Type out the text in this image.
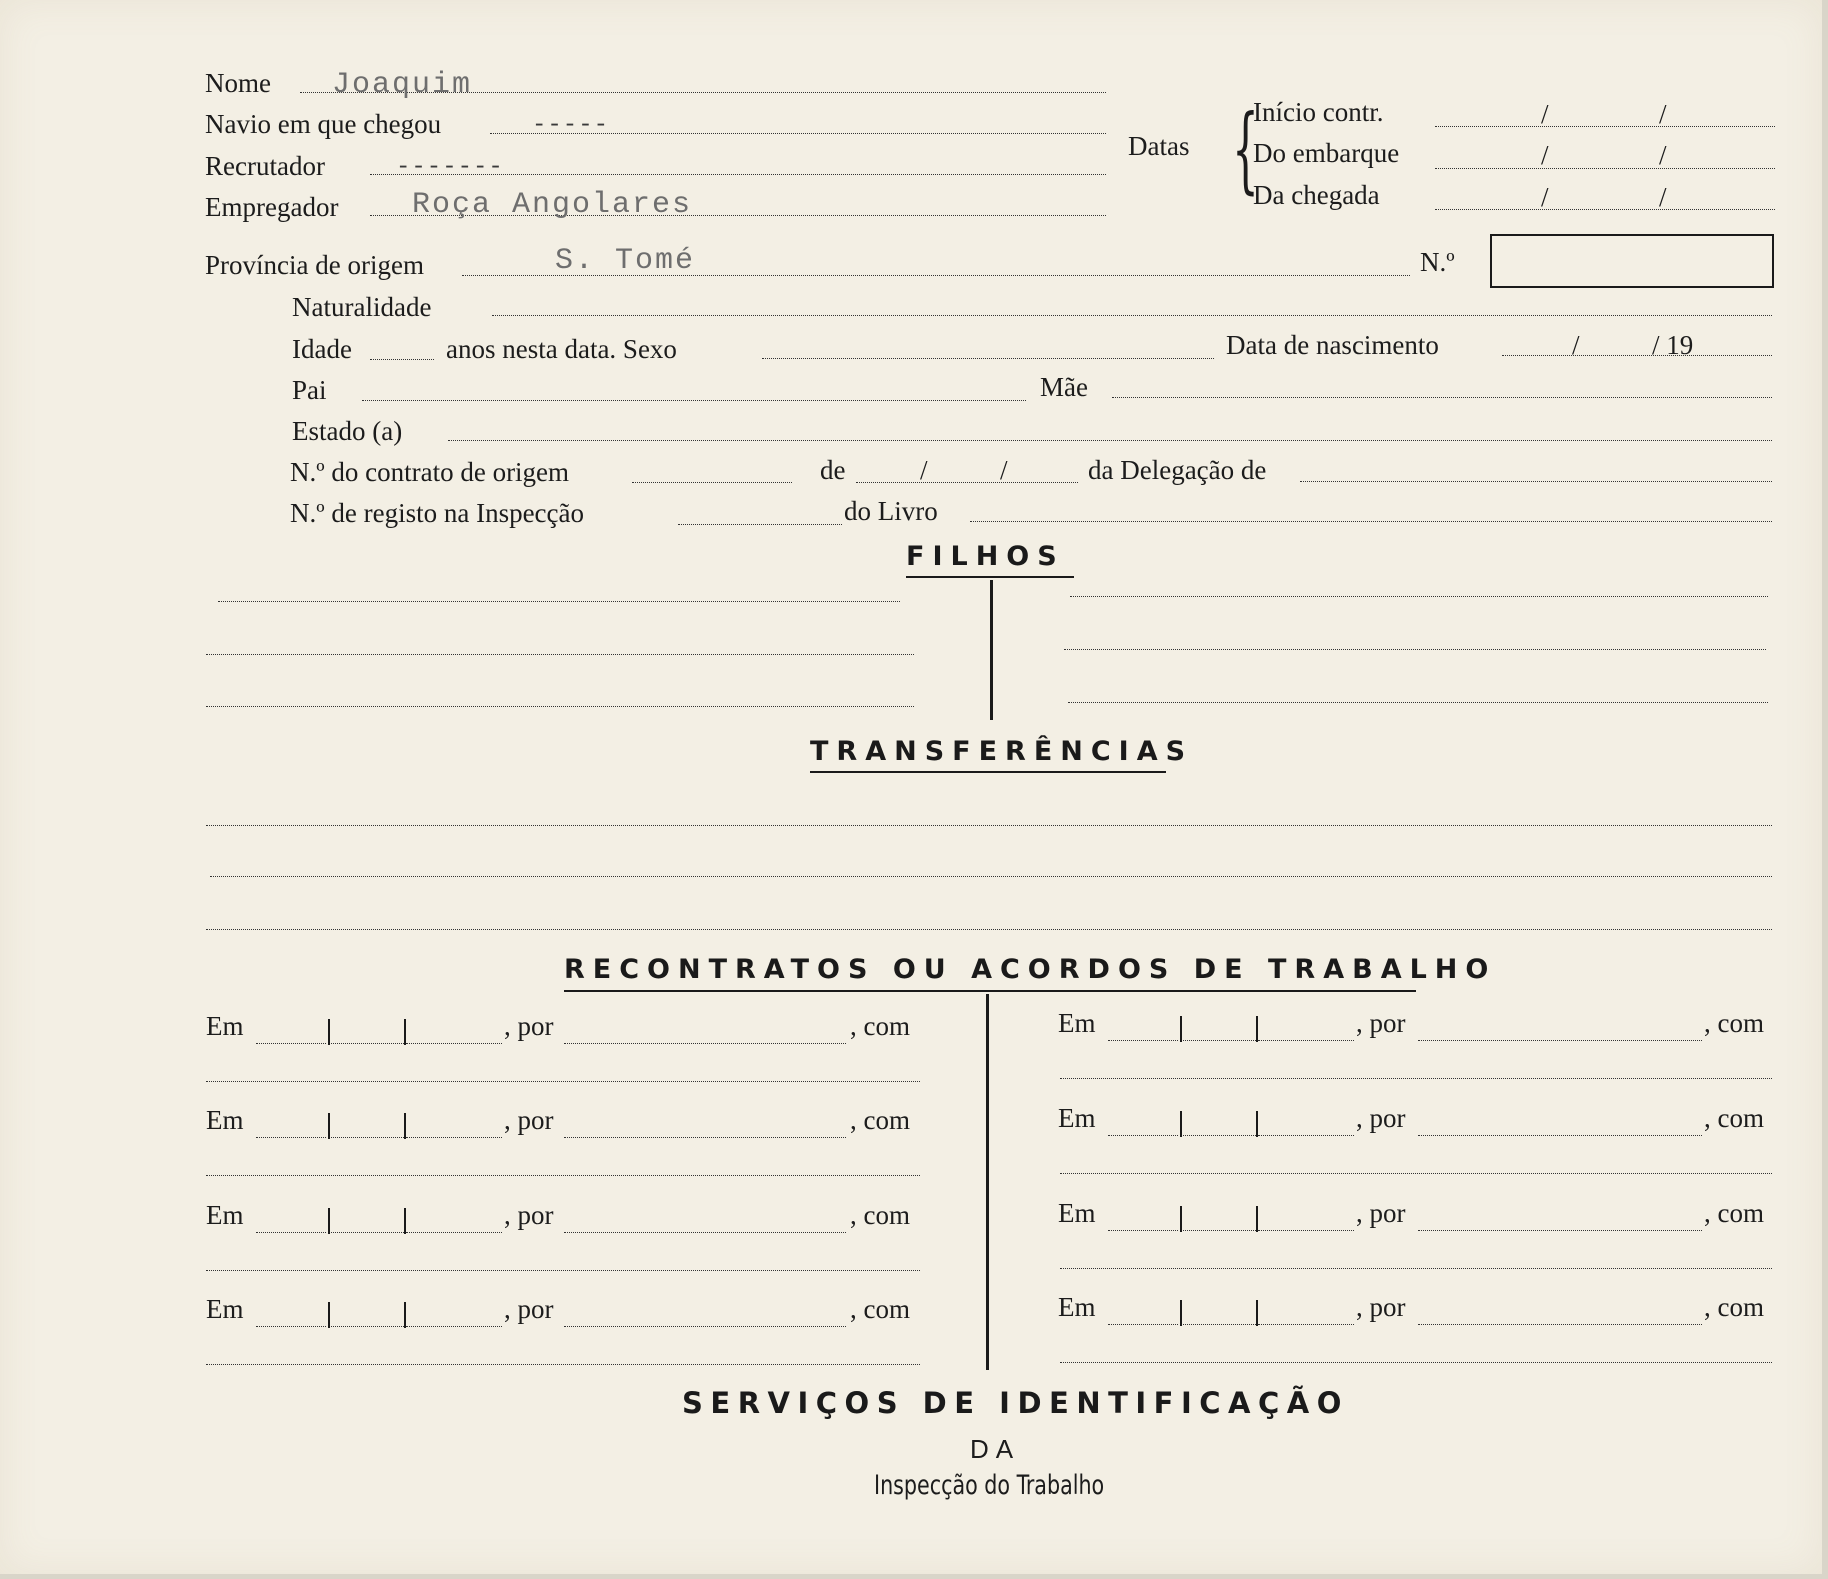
Nome Joaquim
Navio em que chegou	-----
Recrutador	-------
Empregador Roça Angolares
Datas {
Início contr.	/	/
Do embarque	/	/
Da chegada	/	/
Província de origem	S. Tomé	N.º
Naturalidade
Idade	anos nesta data. Sexo	Data de nascimento	/	/ 19
Pai	Mãe
Estado (a)
N.º do contrato de origem	de	/	/	da Delegação de
N.º de registo na Inspecção	do Livro
FILHOS
TRANSFERÊNCIAS
RECONTRATOS OU ACORDOS DE TRABALHO
Em	, por	, com
Em	, por	, com
Em	, por	, com
Em	, por	, com
Em	, por	, com
Em	, por	, com
Em	, por	, com
Em	, por	, com
SERVIÇOS DE IDENTIFICAÇÃO
DA
Inspecção do Trabalho
